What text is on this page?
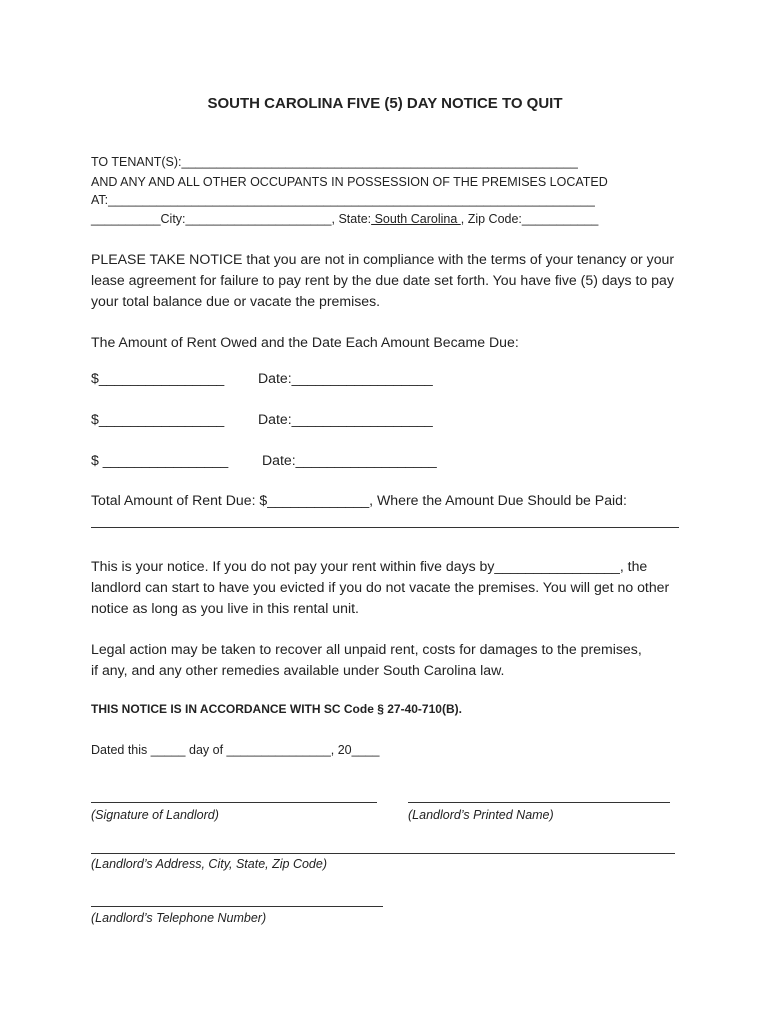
SOUTH CAROLINA FIVE (5) DAY NOTICE TO QUIT

TO TENANT(S):_________________________________________________________

AND ANY AND ALL OTHER OCCUPANTS IN POSSESSION OF THE PREMISES LOCATED

AT:______________________________________________________________________

__________City:_____________________, State: South Carolina , Zip Code:___________

PLEASE TAKE NOTICE that you are not in compliance with the terms of your tenancy or your lease agreement for failure to pay rent by the due date set forth. You have five (5) days to pay your total balance due or vacate the premises.

The Amount of Rent Owed and the Date Each Amount Became Due:

$________________ Date:__________________

$________________ Date:__________________

$ ________________ Date:__________________

Total Amount of Rent Due: $_____________, Where the Amount Due Should be Paid:

This is your notice. If you do not pay your rent within five days by________________, the landlord can start to have you evicted if you do not vacate the premises. You will get no other notice as long as you live in this rental unit.

Legal action may be taken to recover all unpaid rent, costs for damages to the premises, if any, and any other remedies available under South Carolina law.

THIS NOTICE IS IN ACCORDANCE WITH SC Code § 27-40-710(B).

Dated this _____ day of _______________, 20____

(Signature of Landlord)	(Landlord’s Printed Name)

(Landlord’s Address, City, State, Zip Code)

(Landlord’s Telephone Number)
